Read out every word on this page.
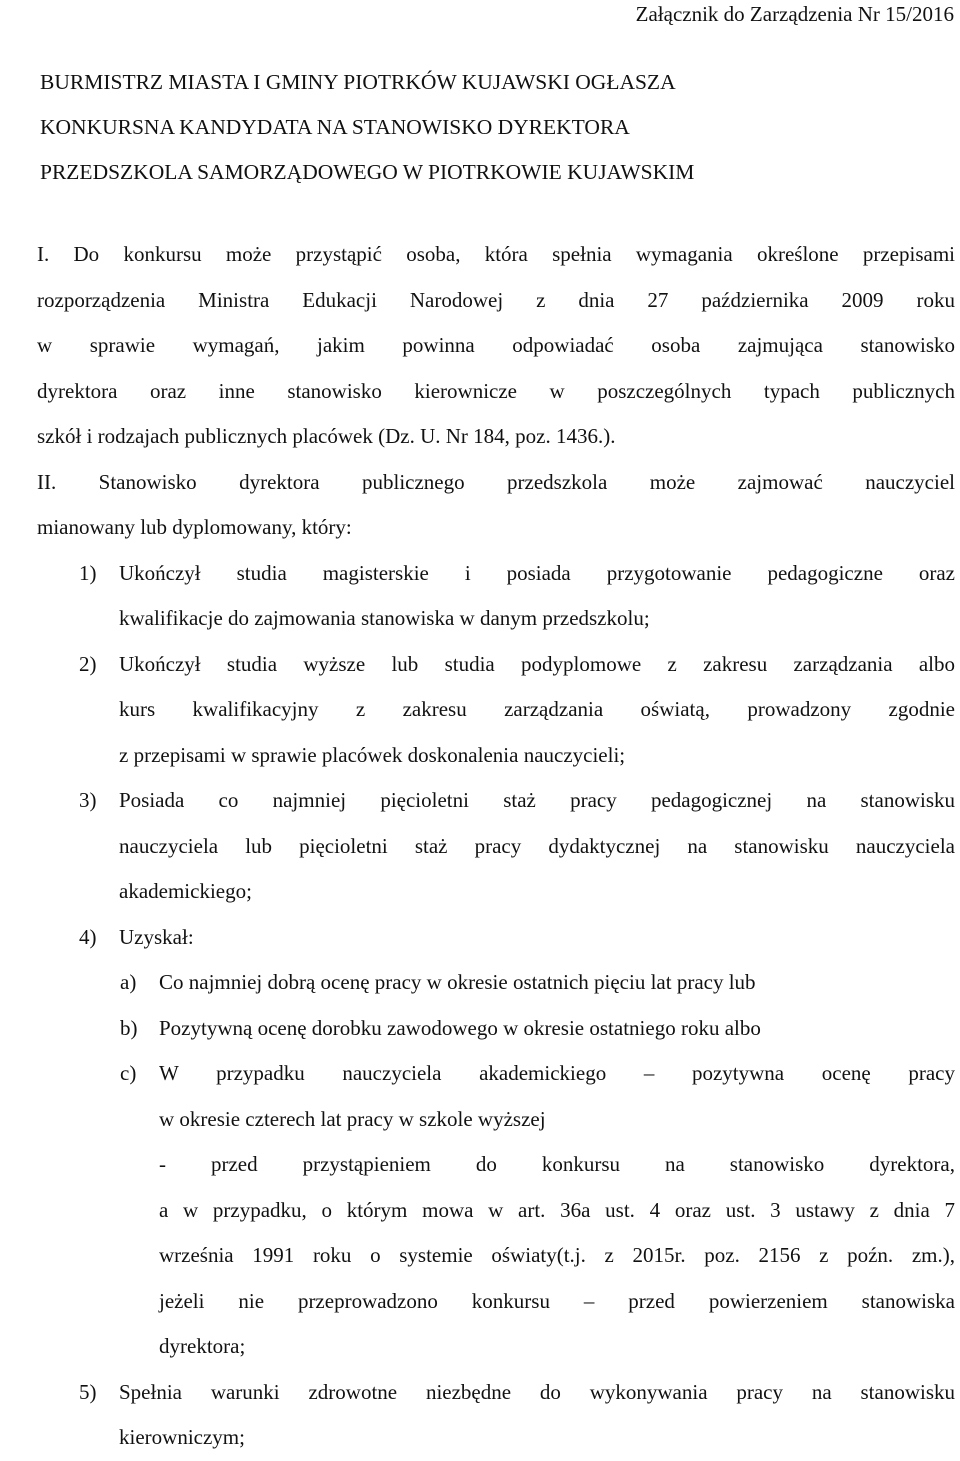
Załącznik do Zarządzenia Nr 15/2016
BURMISTRZ MIASTA I GMINY PIOTRKÓW KUJAWSKI OGŁASZA
KONKURSNA KANDYDATA NA STANOWISKO DYREKTORA
PRZEDSZKOLA SAMORZĄDOWEGO W PIOTRKOWIE KUJAWSKIM
I. Do konkursu może przystąpić osoba, która spełnia wymagania określone przepisami
rozporządzenia Ministra Edukacji Narodowej z dnia 27 października 2009 roku
w sprawie wymagań, jakim powinna odpowiadać osoba zajmująca stanowisko
dyrektora oraz inne stanowisko kierownicze w poszczególnych typach publicznych
szkół i rodzajach publicznych placówek (Dz. U. Nr 184, poz. 1436.).
II. Stanowisko dyrektora publicznego przedszkola może zajmować nauczyciel
mianowany lub dyplomowany, który:
1) Ukończył studia magisterskie i posiada przygotowanie pedagogiczne oraz
kwalifikacje do zajmowania stanowiska w danym przedszkolu;
2) Ukończył studia wyższe lub studia podyplomowe z zakresu zarządzania albo
kurs kwalifikacyjny z zakresu zarządzania oświatą, prowadzony zgodnie
z przepisami w sprawie placówek doskonalenia nauczycieli;
3) Posiada co najmniej pięcioletni staż pracy pedagogicznej na stanowisku
nauczyciela lub pięcioletni staż pracy dydaktycznej na stanowisku nauczyciela
akademickiego;
4) Uzyskał:
a) Co najmniej dobrą ocenę pracy w okresie ostatnich pięciu lat pracy lub
b) Pozytywną ocenę dorobku zawodowego w okresie ostatniego roku albo
c) W przypadku nauczyciela akademickiego – pozytywna ocenę pracy
w okresie czterech lat pracy w szkole wyższej
- przed przystąpieniem do konkursu na stanowisko dyrektora,
a w przypadku, o którym mowa w art. 36a ust. 4 oraz ust. 3 ustawy z dnia 7
września 1991 roku o systemie oświaty(t.j. z 2015r. poz. 2156 z poźn. zm.),
jeżeli nie przeprowadzono konkursu – przed powierzeniem stanowiska
dyrektora;
5) Spełnia warunki zdrowotne niezbędne do wykonywania pracy na stanowisku
kierowniczym;
